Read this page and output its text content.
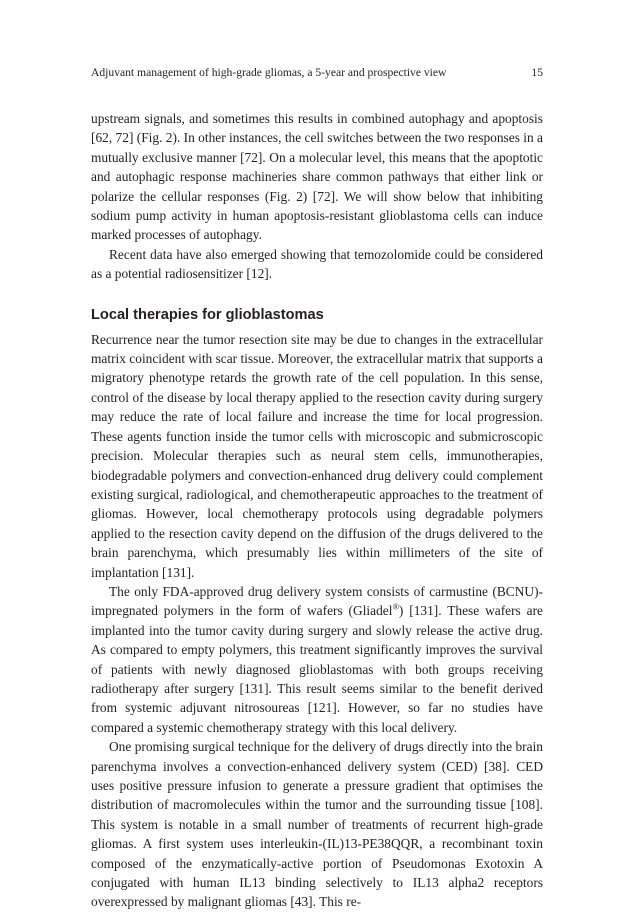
Adjuvant management of high-grade gliomas, a 5-year and prospective view	15

upstream signals, and sometimes this results in combined autophagy and apoptosis [62, 72] (Fig. 2). In other instances, the cell switches between the two responses in a mutually exclusive manner [72]. On a molecular level, this means that the apoptotic and autophagic response machineries share common pathways that either link or polarize the cellular responses (Fig. 2) [72]. We will show below that inhibiting sodium pump activity in human apoptosis-resistant glioblastoma cells can induce marked processes of autophagy.

Recent data have also emerged showing that temozolomide could be considered as a potential radiosensitizer [12].

Local therapies for glioblastomas

Recurrence near the tumor resection site may be due to changes in the extracellular matrix coincident with scar tissue. Moreover, the extracellular matrix that supports a migratory phenotype retards the growth rate of the cell population. In this sense, control of the disease by local therapy applied to the resection cavity during surgery may reduce the rate of local failure and increase the time for local progression. These agents function inside the tumor cells with microscopic and submicroscopic precision. Molecular therapies such as neural stem cells, immunotherapies, biodegradable polymers and convection-enhanced drug delivery could complement existing surgical, radiological, and chemotherapeutic approaches to the treatment of gliomas. However, local chemotherapy protocols using degradable polymers applied to the resection cavity depend on the diffusion of the drugs delivered to the brain parenchyma, which presumably lies within millimeters of the site of implantation [131].

The only FDA-approved drug delivery system consists of carmustine (BCNU)-impregnated polymers in the form of wafers (Gliadel®) [131]. These wafers are implanted into the tumor cavity during surgery and slowly release the active drug. As compared to empty polymers, this treatment significantly improves the survival of patients with newly diagnosed glioblastomas with both groups receiving radiotherapy after surgery [131]. This result seems similar to the benefit derived from systemic adjuvant nitrosoureas [121]. However, so far no studies have compared a systemic chemotherapy strategy with this local delivery.

One promising surgical technique for the delivery of drugs directly into the brain parenchyma involves a convection-enhanced delivery system (CED) [38]. CED uses positive pressure infusion to generate a pressure gradient that optimises the distribution of macromolecules within the tumor and the surrounding tissue [108]. This system is notable in a small number of treatments of recurrent high-grade gliomas. A first system uses interleukin-(IL)13-PE38QQR, a recombinant toxin composed of the enzymatically-active portion of Pseudomonas Exotoxin A conjugated with human IL13 binding selectively to IL13 alpha2 receptors overexpressed by malignant gliomas [43]. This re-
